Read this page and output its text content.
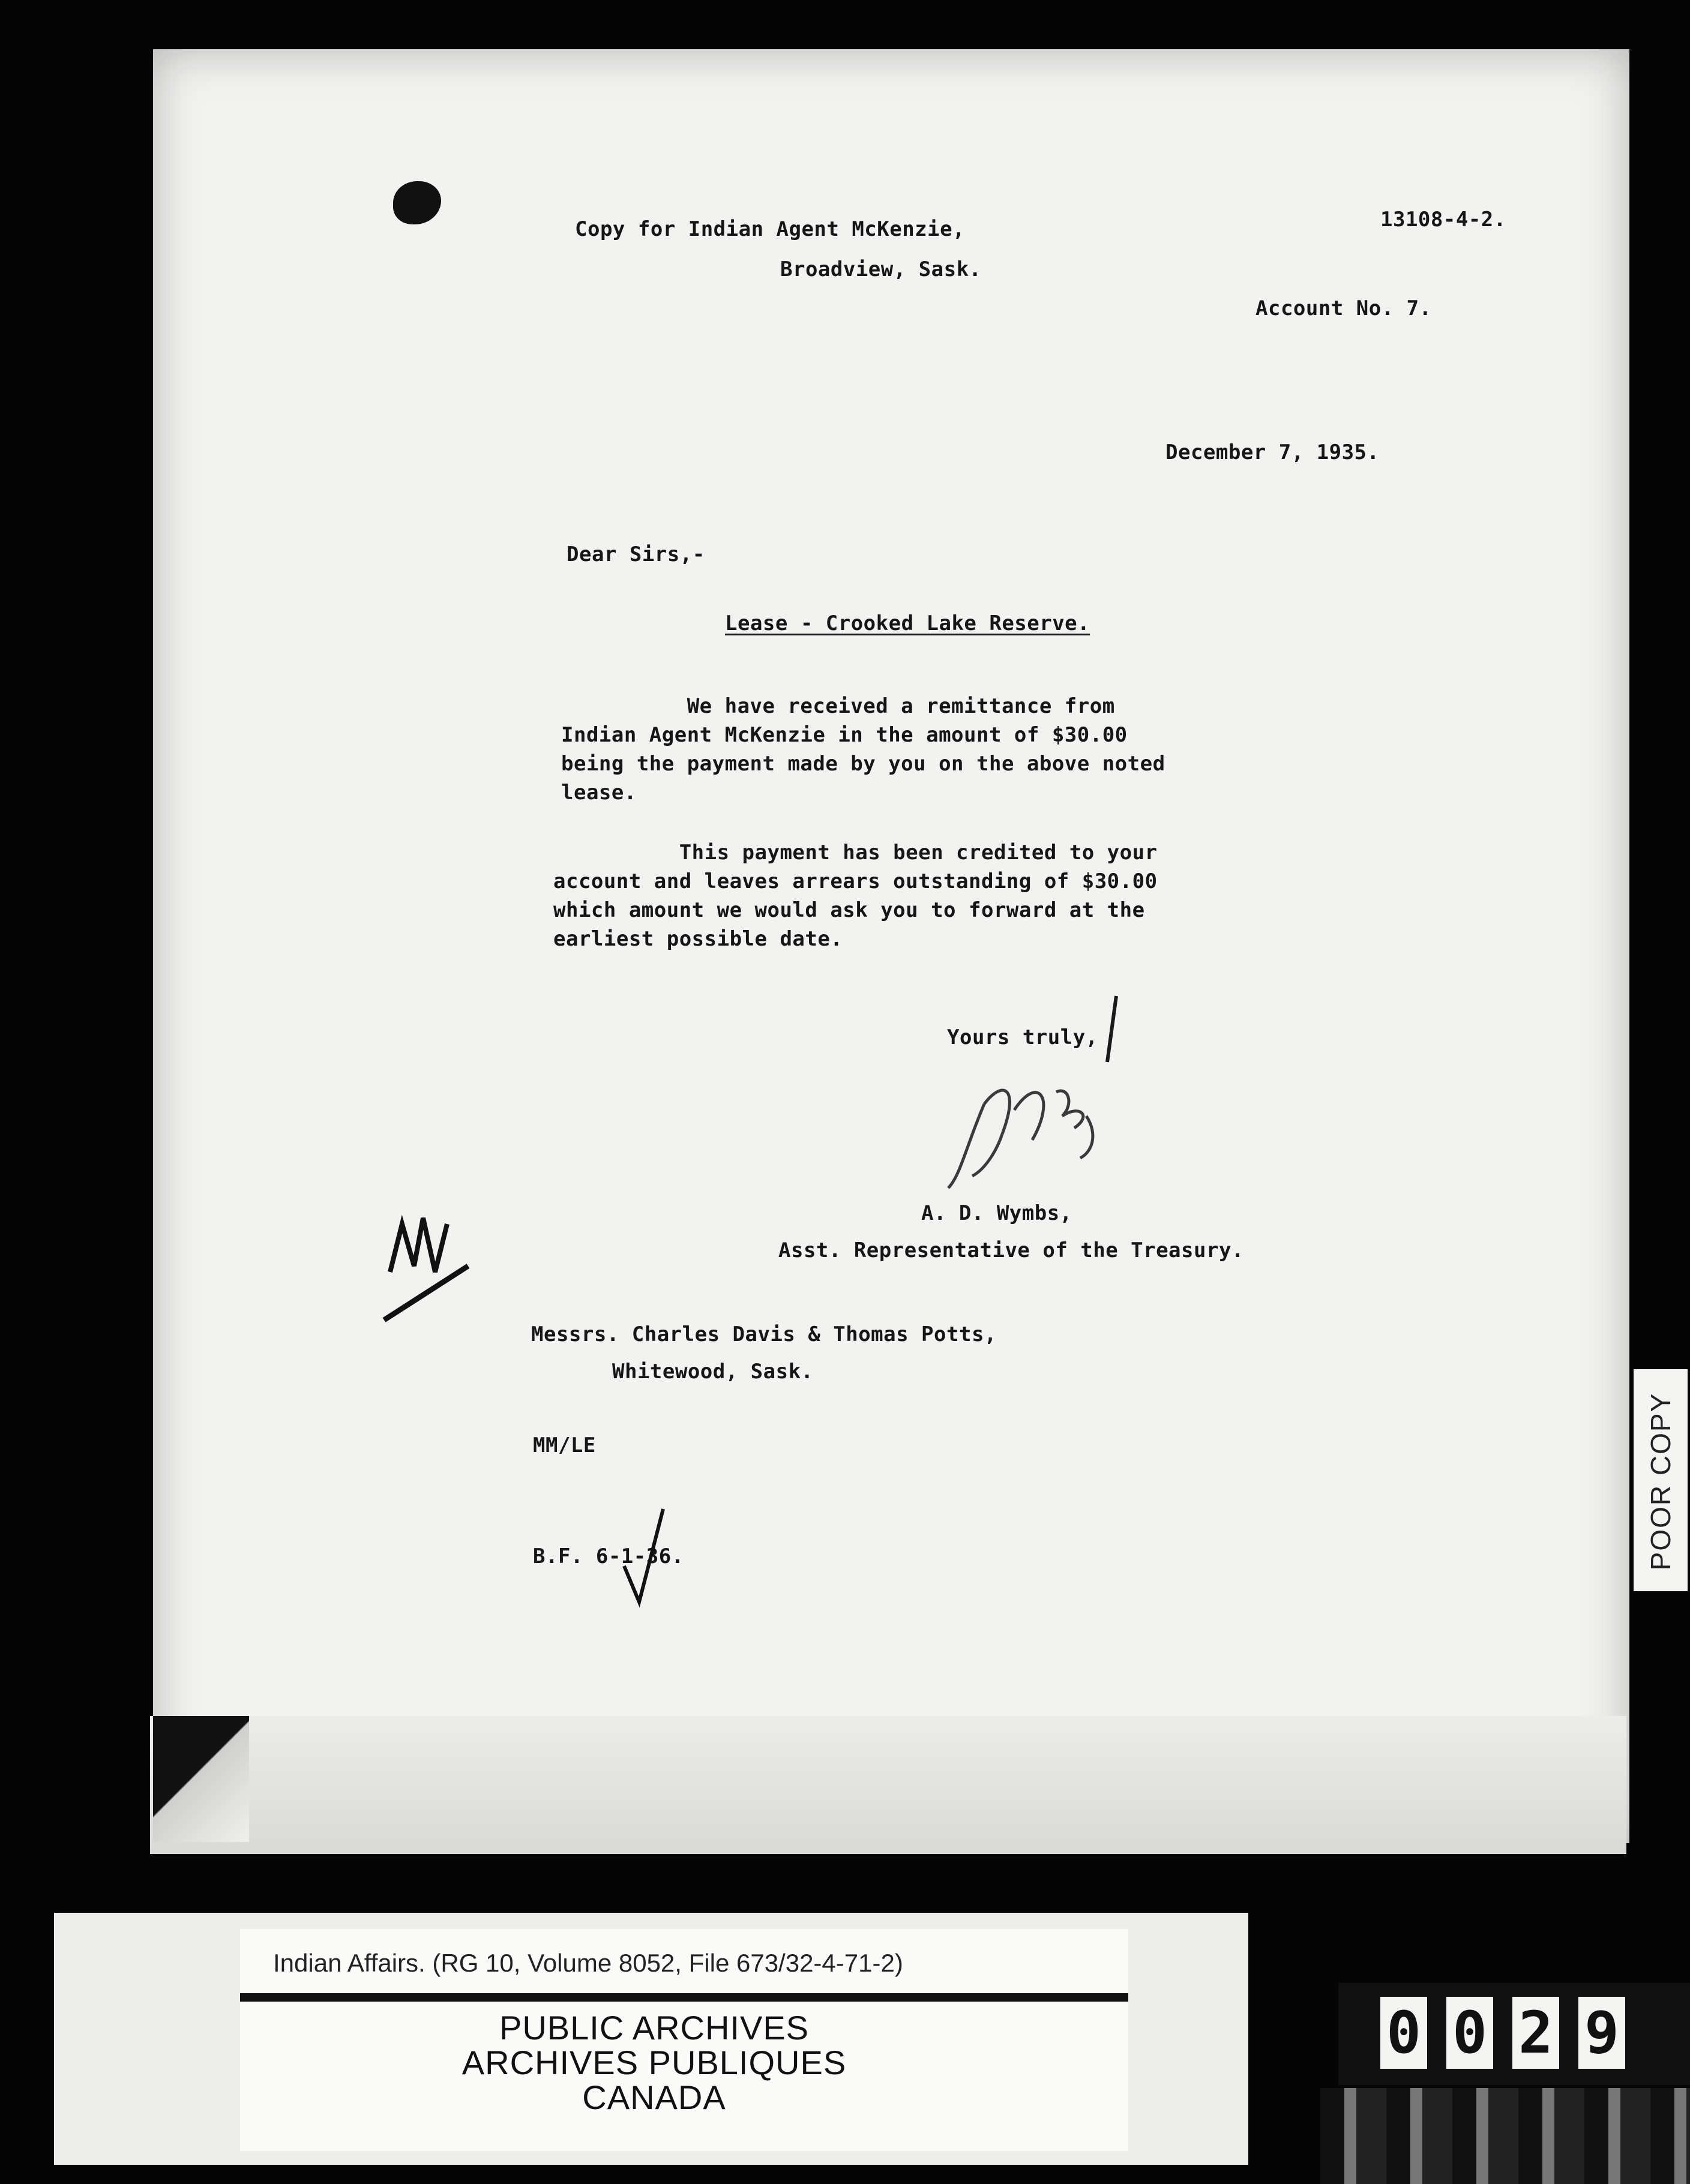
Copy for Indian Agent McKenzie,
Broadview, Sask.
13108-4-2.
Account No. 7.
December 7, 1935.
Dear Sirs,-
Lease - Crooked Lake Reserve.
We have received a remittance from
Indian Agent McKenzie in the amount of $30.00
being the payment made by you on the above noted
lease.
This payment has been credited to your
account and leaves arrears outstanding of $30.00
which amount we would ask you to forward at the
earliest possible date.
Yours truly,
A. D. Wymbs,
Asst. Representative of the Treasury.
Messrs. Charles Davis & Thomas Potts,
Whitewood, Sask.
MM/LE
B.F. 6-1-36.	POOR COPY
Indian Affairs. (RG 10, Volume 8052, File 673/32-4-71-2)
PUBLIC ARCHIVES
ARCHIVES PUBLIQUES
CANADA
0 0 2 9
